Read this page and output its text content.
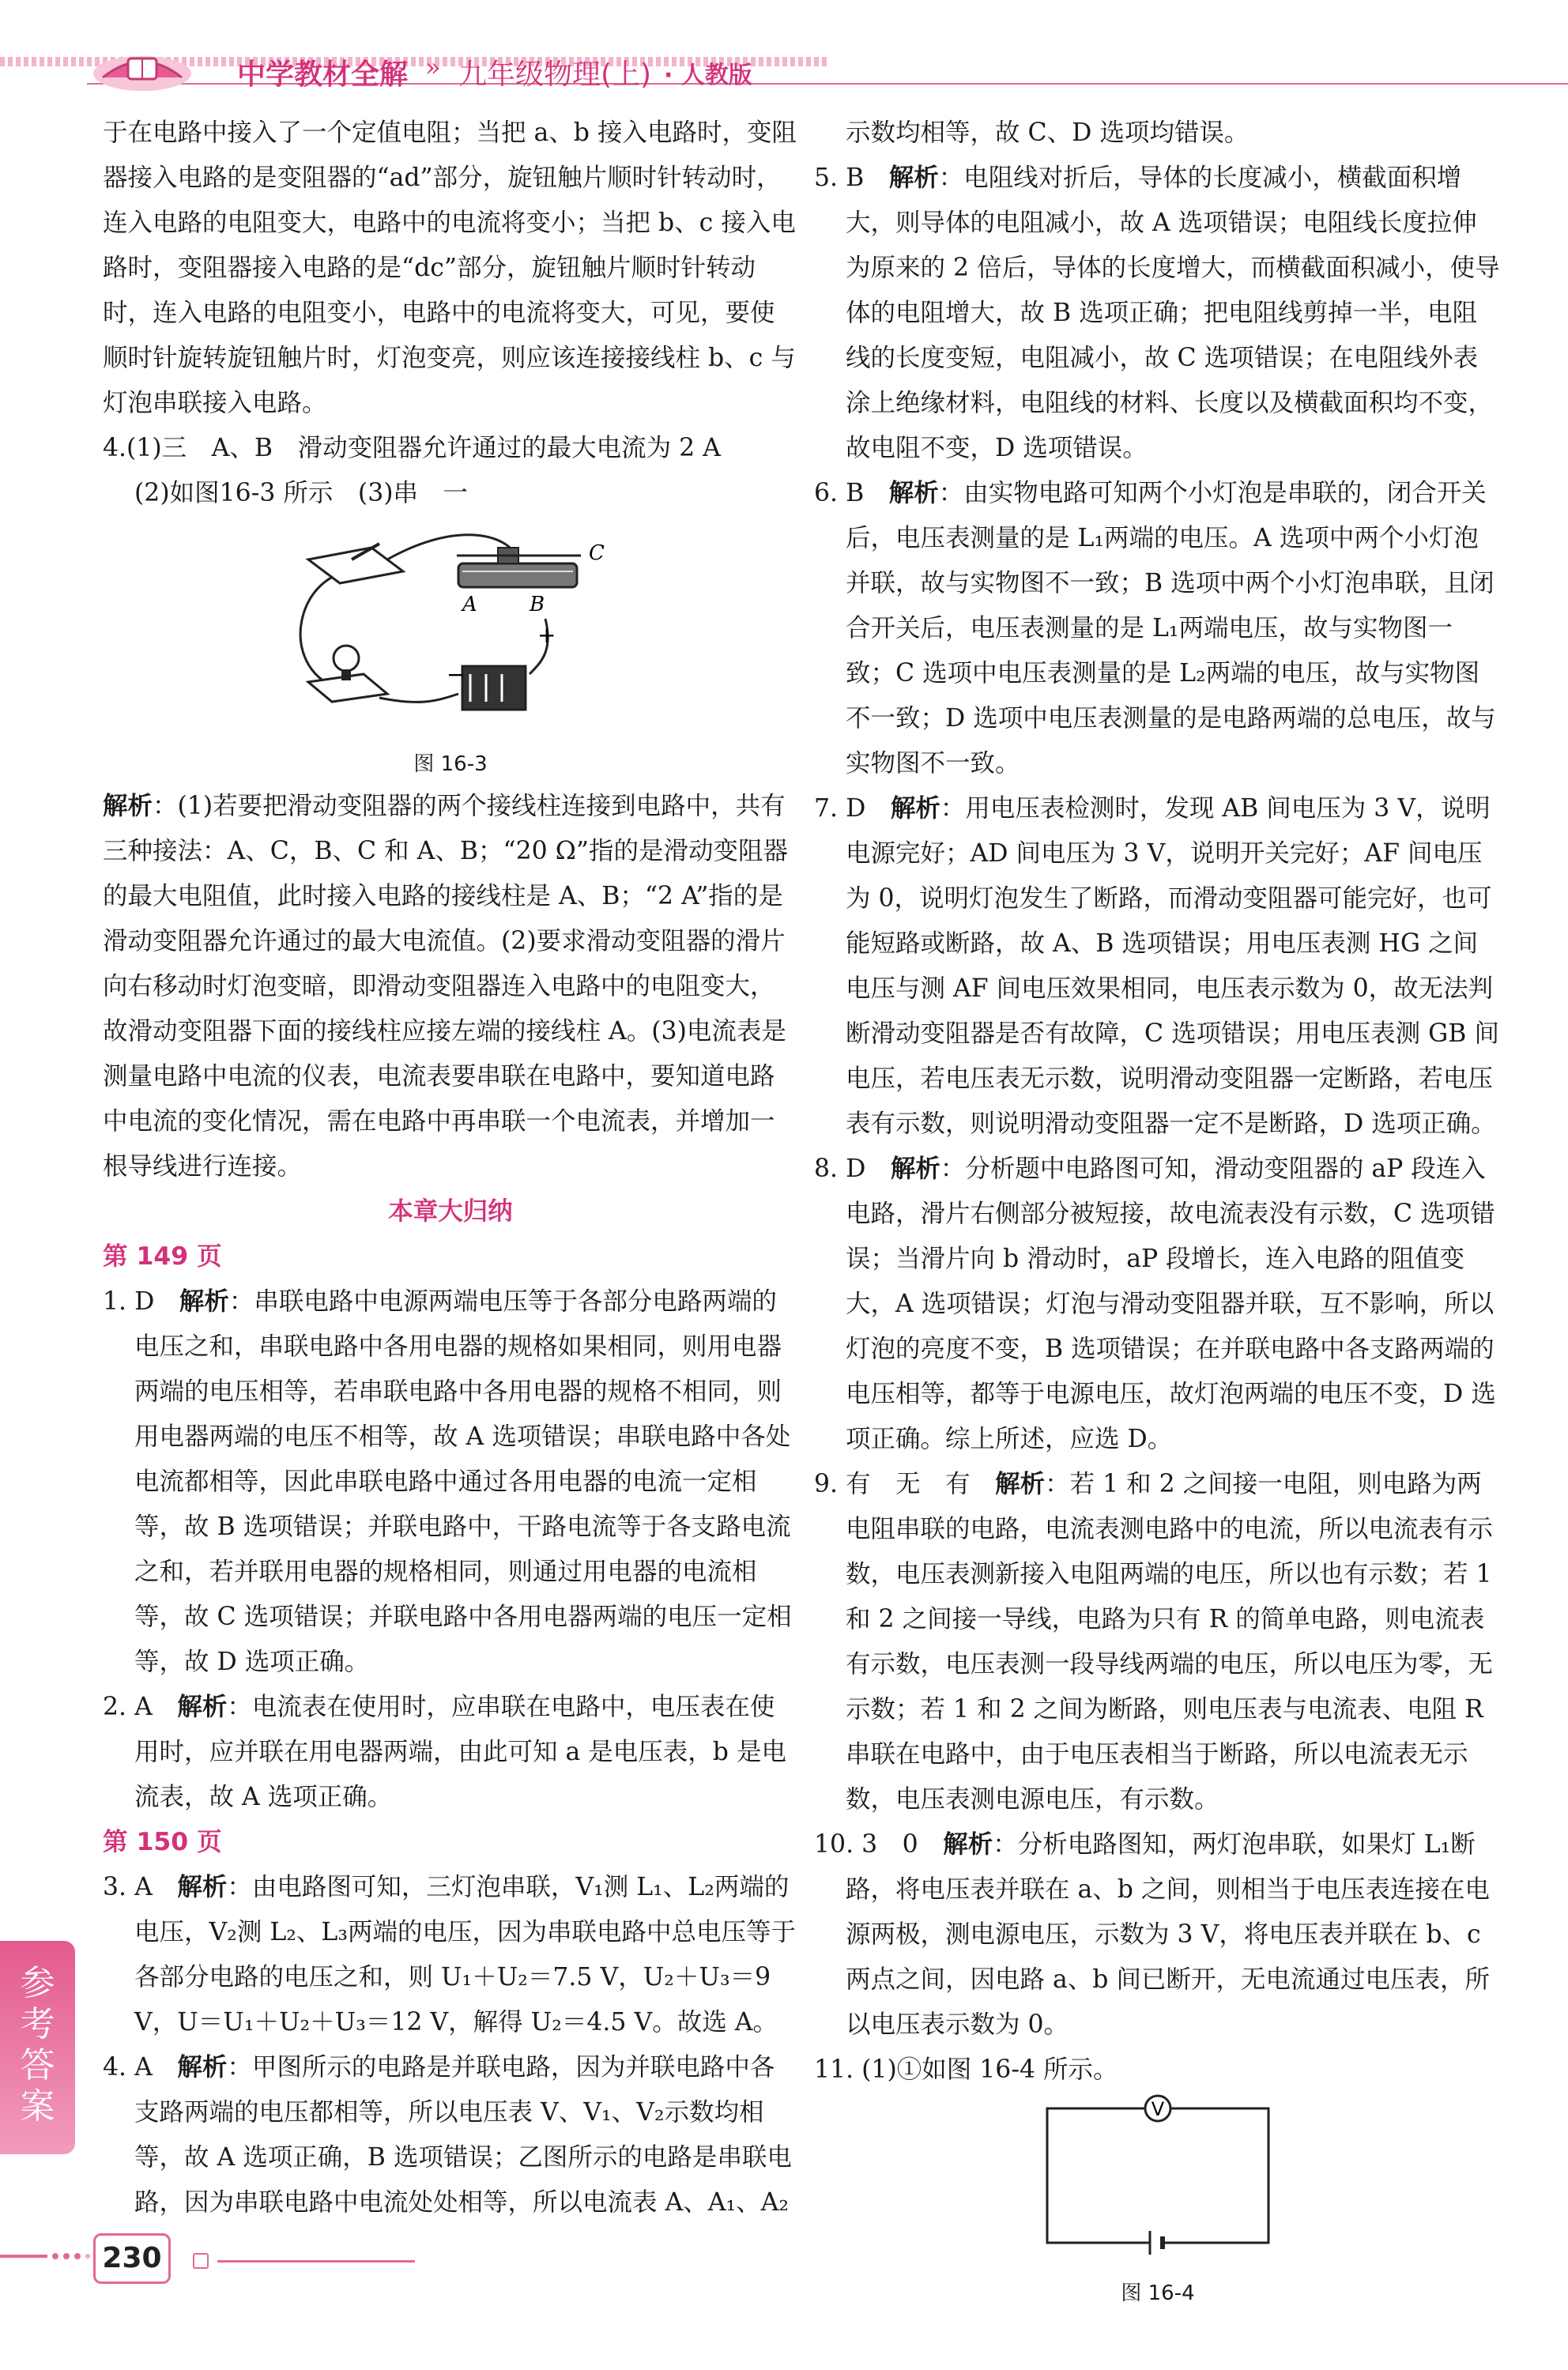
中学教材全解 » 九年级物理(上) · 人教版

于在电路中接入了一个定值电阻；当把 a、b 接入电路时，变阻器接入电路的是变阻器的“ad”部分，旋钮触片顺时针转动时，连入电路的电阻变大，电路中的电流将变小；当把 b、c 接入电路时，变阻器接入电路的是“dc”部分，旋钮触片顺时针转动时，连入电路的电阻变小，电路中的电流将变大，可见，要使顺时针旋转旋钮触片时，灯泡变亮，则应该连接接线柱 b、c 与灯泡串联接入电路。

4.(1)三　A、B　滑动变阻器允许通过的最大电流为 2 A

(2)如图16-3 所示　(3)串　一

C
A	B
−
+
图 16-3

解析：(1)若要把滑动变阻器的两个接线柱连接到电路中，共有三种接法：A、C，B、C 和 A、B；“20 Ω”指的是滑动变阻器的最大电阻值，此时接入电路的接线柱是 A、B；“2 A”指的是滑动变阻器允许通过的最大电流值。(2)要求滑动变阻器的滑片向右移动时灯泡变暗，即滑动变阻器连入电路中的电阻变大，故滑动变阻器下面的接线柱应接左端的接线柱 A。(3)电流表是测量电路中电流的仪表，电流表要串联在电路中，要知道电路中电流的变化情况，需在电路中再串联一个电流表，并增加一根导线进行连接。

本章大归纳

第 149 页

1. D　解析：串联电路中电源两端电压等于各部分电路两端的电压之和，串联电路中各用电器的规格如果相同，则用电器两端的电压相等，若串联电路中各用电器的规格不相同，则用电器两端的电压不相等，故 A 选项错误；串联电路中各处电流都相等，因此串联电路中通过各用电器的电流一定相等，故 B 选项错误；并联电路中，干路电流等于各支路电流之和，若并联用电器的规格相同，则通过用电器的电流相等，故 C 选项错误；并联电路中各用电器两端的电压一定相等，故 D 选项正确。

2. A　解析：电流表在使用时，应串联在电路中，电压表在使用时，应并联在用电器两端，由此可知 a 是电压表，b 是电流表，故 A 选项正确。

第 150 页

3. A　解析：由电路图可知，三灯泡串联，V₁测 L₁、L₂两端的电压，V₂测 L₂、L₃两端的电压，因为串联电路中总电压等于各部分电路的电压之和，则 U₁＋U₂＝7.5 V，U₂＋U₃＝9 V，U＝U₁＋U₂＋U₃＝12 V，解得 U₂＝4.5 V。故选 A。

4. A　解析：甲图所示的电路是并联电路，因为并联电路中各支路两端的电压都相等，所以电压表 V、V₁、V₂示数均相等，故 A 选项正确，B 选项错误；乙图所示的电路是串联电路，因为串联电路中电流处处相等，所以电流表 A、A₁、A₂

示数均相等，故 C、D 选项均错误。

5. B　解析：电阻线对折后，导体的长度减小，横截面积增大，则导体的电阻减小，故 A 选项错误；电阻线长度拉伸为原来的 2 倍后，导体的长度增大，而横截面积减小，使导体的电阻增大，故 B 选项正确；把电阻线剪掉一半，电阻线的长度变短，电阻减小，故 C 选项错误；在电阻线外表涂上绝缘材料，电阻线的材料、长度以及横截面积均不变，故电阻不变，D 选项错误。

6. B　解析：由实物电路可知两个小灯泡是串联的，闭合开关后，电压表测量的是 L₁两端的电压。A 选项中两个小灯泡并联，故与实物图不一致；B 选项中两个小灯泡串联，且闭合开关后，电压表测量的是 L₁两端电压，故与实物图一致；C 选项中电压表测量的是 L₂两端的电压，故与实物图不一致；D 选项中电压表测量的是电路两端的总电压，故与实物图不一致。

7. D　解析：用电压表检测时，发现 AB 间电压为 3 V，说明电源完好；AD 间电压为 3 V，说明开关完好；AF 间电压为 0，说明灯泡发生了断路，而滑动变阻器可能完好，也可能短路或断路，故 A、B 选项错误；用电压表测 HG 之间电压与测 AF 间电压效果相同，电压表示数为 0，故无法判断滑动变阻器是否有故障，C 选项错误；用电压表测 GB 间电压，若电压表无示数，说明滑动变阻器一定断路，若电压表有示数，则说明滑动变阻器一定不是断路，D 选项正确。

8. D　解析：分析题中电路图可知，滑动变阻器的 aP 段连入电路，滑片右侧部分被短接，故电流表没有示数，C 选项错误；当滑片向 b 滑动时，aP 段增长，连入电路的阻值变大，A 选项错误；灯泡与滑动变阻器并联，互不影响，所以灯泡的亮度不变，B 选项错误；在并联电路中各支路两端的电压相等，都等于电源电压，故灯泡两端的电压不变，D 选项正确。综上所述，应选 D。

9. 有　无　有　解析：若 1 和 2 之间接一电阻，则电路为两电阻串联的电路，电流表测电路中的电流，所以电流表有示数，电压表测新接入电阻两端的电压，所以也有示数；若 1 和 2 之间接一导线，电路为只有 R 的简单电路，则电流表有示数，电压表测一段导线两端的电压，所以电压为零，无示数；若 1 和 2 之间为断路，则电压表与电流表、电阻 R 串联在电路中，由于电压表相当于断路，所以电流表无示数，电压表测电源电压，有示数。

10. 3　0　解析：分析电路图知，两灯泡串联，如果灯 L₁断路，将电压表并联在 a、b 之间，则相当于电压表连接在电源两极，测电源电压，示数为 3 V，将电压表并联在 b、c 两点之间，因电路 a、b 间已断开，无电流通过电压表，所以电压表示数为 0。

11. (1)①如图 16-4 所示。

V
图 16-4
参考答案
230
